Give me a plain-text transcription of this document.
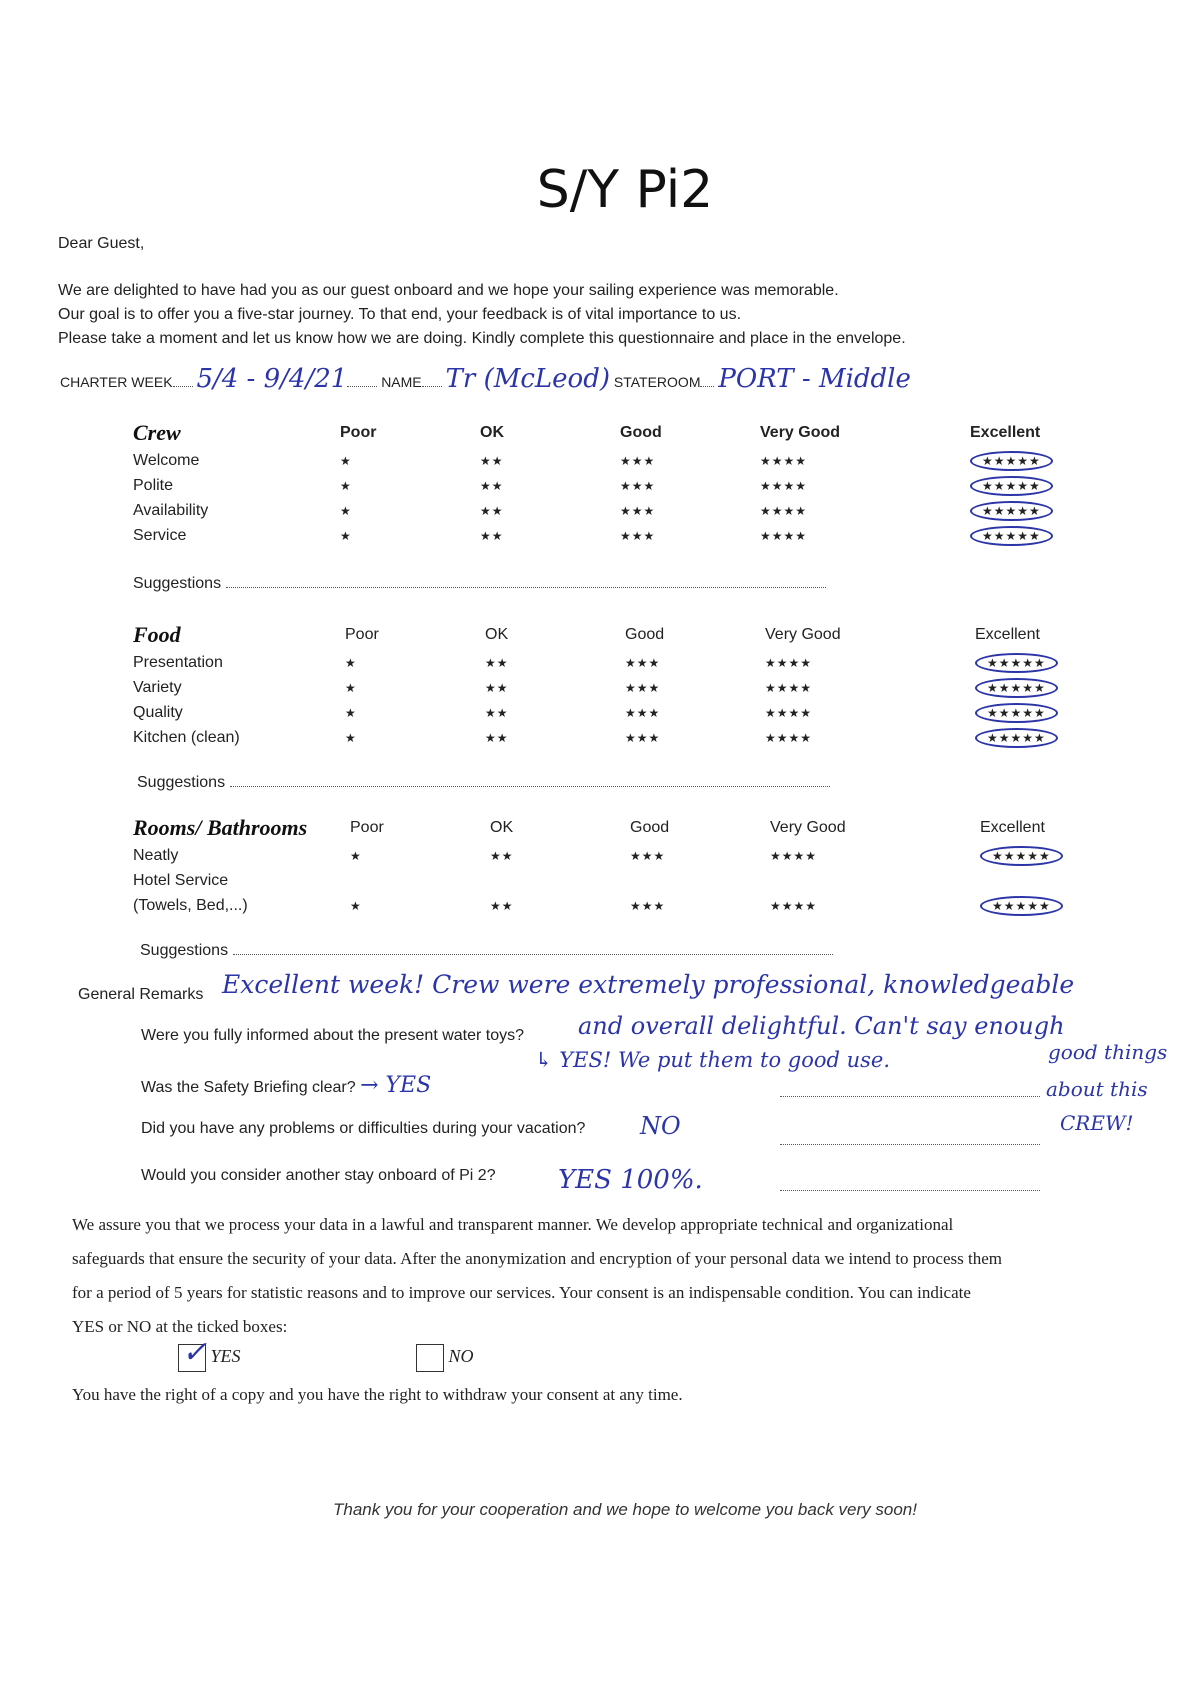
S/Y Pi2
Dear Guest,
We are delighted to have had you as our guest onboard and we hope your sailing experience was memorable.
Our goal is to offer you a five-star journey. To that end, your feedback is of vital importance to us.
Please take a moment and let us know how we are doing. Kindly complete this questionnaire and place in the envelope.
CHARTER WEEK 5/4 - 9/4/21 NAME Tr (McLeod) STATEROOM PORT - Middle
Crew	Poor	OK	Good	Very Good	Excellent
Welcome	★	★★	★★★	★★★★	★★★★★
Polite	★	★★	★★★	★★★★	★★★★★
Availability	★	★★	★★★	★★★★	★★★★★
Service	★	★★	★★★	★★★★	★★★★★
Suggestions
Food	Poor	OK	Good	Very Good	Excellent
Presentation	★	★★	★★★	★★★★	★★★★★
Variety	★	★★	★★★	★★★★	★★★★★
Quality	★	★★	★★★	★★★★	★★★★★
Kitchen (clean)	★	★★	★★★	★★★★	★★★★★
Suggestions
Rooms/ Bathrooms	Poor	OK	Good	Very Good	Excellent
Neatly	★	★★	★★★	★★★★	★★★★★
Hotel Service					
(Towels, Bed,...)	★	★★	★★★	★★★★	★★★★★
Suggestions
General Remarks Excellent week! Crew were extremely professional, knowledgeable
and overall delightful. Can't say enough
good things
about this
CREW!
Were you fully informed about the present water toys?
↳ YES! We put them to good use.
Was the Safety Briefing clear? → YES
Did you have any problems or difficulties during your vacation? NO
Would you consider another stay onboard of Pi 2? YES 100%.
We assure you that we process your data in a lawful and transparent manner. We develop appropriate technical and organizational
safeguards that ensure the security of your data. After the anonymization and encryption of your personal data we intend to process them
for a period of 5 years for statistic reasons and to improve our services. Your consent is an indispensable condition. You can indicate
YES or NO at the ticked boxes:
✓ YES	NO
You have the right of a copy and you have the right to withdraw your consent at any time.
Thank you for your cooperation and we hope to welcome you back very soon!
